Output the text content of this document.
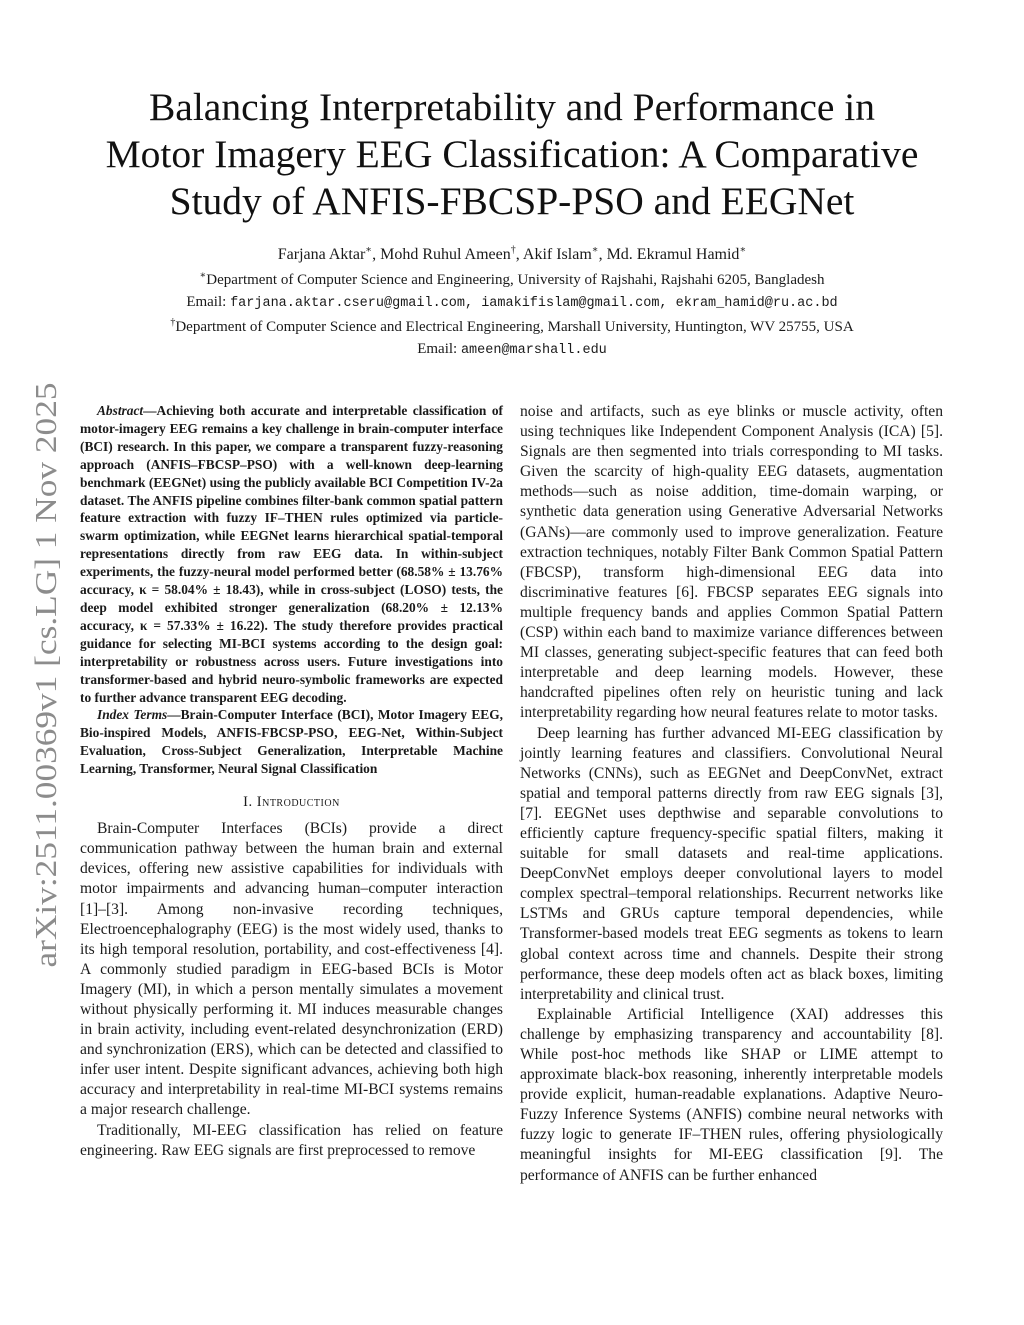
arXiv:2511.00369v1 [cs.LG] 1 Nov 2025
Balancing Interpretability and Performance in
Motor Imagery EEG Classification: A Comparative
Study of ANFIS-FBCSP-PSO and EEGNet
Farjana Aktar∗, Mohd Ruhul Ameen†, Akif Islam∗, Md. Ekramul Hamid∗
∗Department of Computer Science and Engineering, University of Rajshahi, Rajshahi 6205, Bangladesh
Email: farjana.aktar.cseru@gmail.com, iamakifislam@gmail.com, ekram_hamid@ru.ac.bd
†Department of Computer Science and Electrical Engineering, Marshall University, Huntington, WV 25755, USA
Email: ameen@marshall.edu

Abstract—Achieving both accurate and interpretable classification of motor-imagery EEG remains a key challenge in brain-computer interface (BCI) research. In this paper, we compare a transparent fuzzy-reasoning approach (ANFIS–FBCSP–PSO) with a well-known deep-learning benchmark (EEGNet) using the publicly available BCI Competition IV-2a dataset. The ANFIS pipeline combines filter-bank common spatial pattern feature extraction with fuzzy IF–THEN rules optimized via particle-swarm optimization, while EEGNet learns hierarchical spatial-temporal representations directly from raw EEG data. In within-subject experiments, the fuzzy-neural model performed better (68.58% ± 13.76% accuracy, κ = 58.04% ± 18.43), while in cross-subject (LOSO) tests, the deep model exhibited stronger generalization (68.20% ± 12.13% accuracy, κ = 57.33% ± 16.22). The study therefore provides practical guidance for selecting MI-BCI systems according to the design goal: interpretability or robustness across users. Future investigations into transformer-based and hybrid neuro-symbolic frameworks are expected to further advance transparent EEG decoding.

Index Terms—Brain-Computer Interface (BCI), Motor Imagery EEG, Bio-inspired Models, ANFIS-FBCSP-PSO, EEG-Net, Within-Subject Evaluation, Cross-Subject Generalization, Interpretable Machine Learning, Transformer, Neural Signal Classification

I. Introduction

Brain-Computer Interfaces (BCIs) provide a direct communication pathway between the human brain and external devices, offering new assistive capabilities for individuals with motor impairments and advancing human–computer interaction [1]–[3]. Among non-invasive recording techniques, Electroencephalography (EEG) is the most widely used, thanks to its high temporal resolution, portability, and cost-effectiveness [4]. A commonly studied paradigm in EEG-based BCIs is Motor Imagery (MI), in which a person mentally simulates a movement without physically performing it. MI induces measurable changes in brain activity, including event-related desynchronization (ERD) and synchronization (ERS), which can be detected and classified to infer user intent. Despite significant advances, achieving both high accuracy and interpretability in real-time MI-BCI systems remains a major research challenge.

Traditionally, MI-EEG classification has relied on feature engineering. Raw EEG signals are first preprocessed to remove

noise and artifacts, such as eye blinks or muscle activity, often using techniques like Independent Component Analysis (ICA) [5]. Signals are then segmented into trials corresponding to MI tasks. Given the scarcity of high-quality EEG datasets, augmentation methods—such as noise addition, time-domain warping, or synthetic data generation using Generative Adversarial Networks (GANs)—are commonly used to improve generalization. Feature extraction techniques, notably Filter Bank Common Spatial Pattern (FBCSP), transform high-dimensional EEG data into discriminative features [6]. FBCSP separates EEG signals into multiple frequency bands and applies Common Spatial Pattern (CSP) within each band to maximize variance differences between MI classes, generating subject-specific features that can feed both interpretable and deep learning models. However, these handcrafted pipelines often rely on heuristic tuning and lack interpretability regarding how neural features relate to motor tasks.

Deep learning has further advanced MI-EEG classification by jointly learning features and classifiers. Convolutional Neural Networks (CNNs), such as EEGNet and DeepConvNet, extract spatial and temporal patterns directly from raw EEG signals [3], [7]. EEGNet uses depthwise and separable convolutions to efficiently capture frequency-specific spatial filters, making it suitable for small datasets and real-time applications. DeepConvNet employs deeper convolutional layers to model complex spectral–temporal relationships. Recurrent networks like LSTMs and GRUs capture temporal dependencies, while Transformer-based models treat EEG segments as tokens to learn global context across time and channels. Despite their strong performance, these deep models often act as black boxes, limiting interpretability and clinical trust.

Explainable Artificial Intelligence (XAI) addresses this challenge by emphasizing transparency and accountability [8]. While post-hoc methods like SHAP or LIME attempt to approximate black-box reasoning, inherently interpretable models provide explicit, human-readable explanations. Adaptive Neuro-Fuzzy Inference Systems (ANFIS) combine neural networks with fuzzy logic to generate IF–THEN rules, offering physiologically meaningful insights for MI-EEG classification [9]. The performance of ANFIS can be further enhanced
